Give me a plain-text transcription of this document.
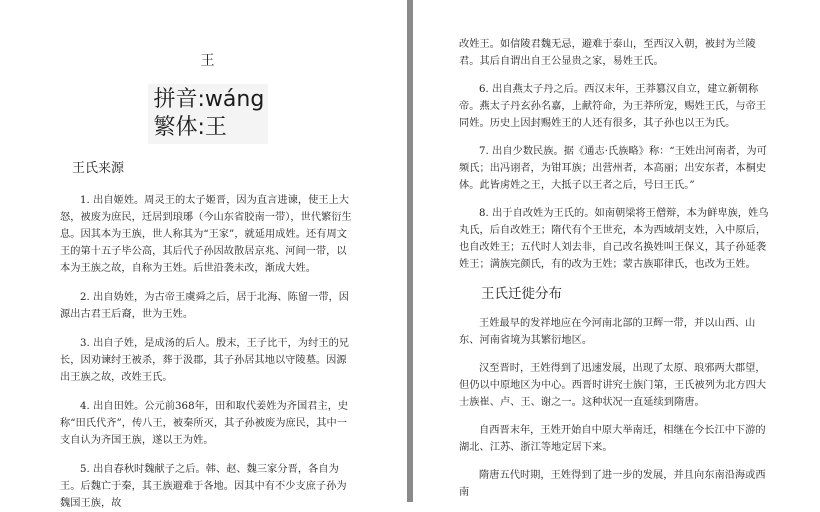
王
拼音:wáng
繁体:王
王氏来源

1. 出自姬姓。周灵王的太子姬晋，因为直言进谏，使王上大怒，被废为庶民，迁居到琅琊（今山东省胶南一带），世代繁衍生息。因其本为王族，世人称其为“王家”，就延用成姓。还有周文王的第十五子毕公高，其后代子孙因故散居京兆、河间一带，以本为王族之故，自称为王姓。后世沿袭未改，渐成大姓。

2. 出自妫姓，为古帝王虞舜之后，居于北海、陈留一带，因源出古君王后裔，世为王姓。

3. 出自子姓，是成汤的后人。殷末，王子比干，为纣王的兄长，因劝谏纣王被杀，葬于汲郡，其子孙居其地以守陵墓。因源出王族之故，改姓王氏。

4. 出自田姓。公元前368年，田和取代姜姓为齐国君主，史称“田氏代齐”，传八王，被秦所灭，其子孙被废为庶民，其中一支自认为齐国王族，遂以王为姓。

5. 出自春秋时魏献子之后。韩、赵、魏三家分晋，各自为王。后魏亡于秦，其王族避难于各地。因其中有不少支庶子孙为魏国王族，故

改姓王。如信陵君魏无忌，避难于泰山，至西汉入朝，被封为兰陵君。其后自谓出自王公显贵之家，易姓王氏。

6. 出自燕太子丹之后。西汉末年，王莽篡汉自立，建立新朝称帝。燕太子丹玄孙名嘉，上献符命，为王莽所宠，赐姓王氏，与帝王同姓。历史上因封赐姓王的人还有很多，其子孙也以王为氏。

7. 出自少数民族。据《通志·氏族略》称：“王姓出河南者，为可频氏；出冯诩者，为钳耳族；出营州者，本高丽；出安东者，本桐史体。此皆虏姓之王，大抵子以王者之后，号曰王氏。”

8. 出于自改姓为王氏的。如南朝梁将王僧辩，本为鲜卑族，姓乌丸氏，后自改姓王；隋代有个王世充，本为西域胡支姓，入中原后，也自改姓王；五代时人刘去非，自己改名换姓叫王保义，其子孙延袭姓王；满族完颜氏，有的改为王姓；蒙古族耶律氏，也改为王姓。

王氏迁徙分布

王姓最早的发祥地应在今河南北部的卫辉一带，并以山西、山东、河南省境为其繁衍地区。

汉至晋时，王姓得到了迅速发展，出现了太原、琅邪两大郡望，但仍以中原地区为中心。西晋时讲究士族门第，王氏被列为北方四大士族崔、卢、王、谢之一。这种状况一直延续到隋唐。

自西晋末年，王姓开始自中原大举南迁，相继在今长江中下游的湖北、江苏、浙江等地定居下来。

隋唐五代时期，王姓得到了进一步的发展，并且向东南沿海或西南
